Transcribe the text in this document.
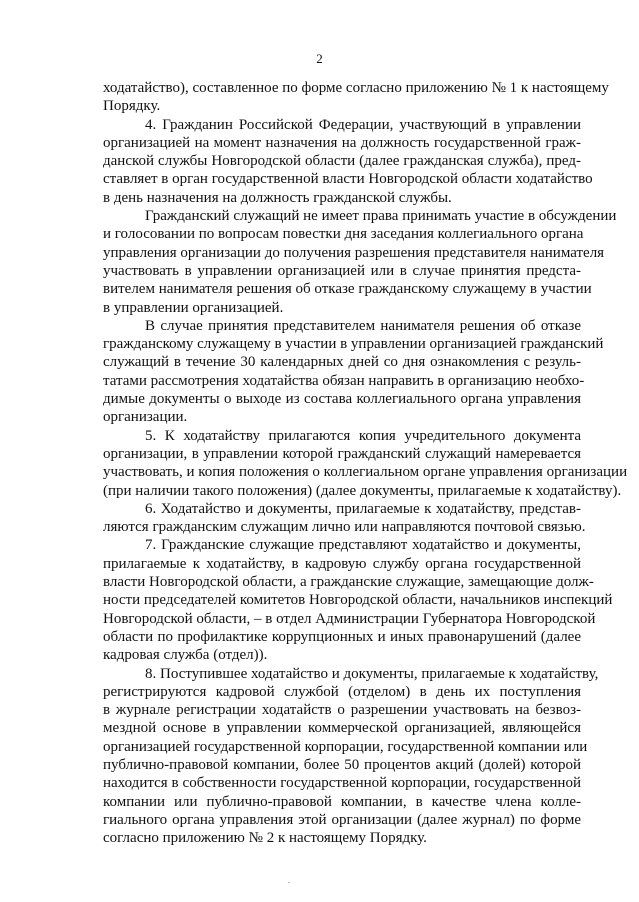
2
ходатайство), составленное по форме согласно приложению № 1 к настоящему
Порядку.
4. Гражданин Российской Федерации, участвующий в управлении
организацией на момент назначения на должность государственной граж-
данской службы Новгородской области (далее гражданская служба), пред-
ставляет в орган государственной власти Новгородской области ходатайство
в день назначения на должность гражданской службы.
Гражданский служащий не имеет права принимать участие в обсуждении
и голосовании по вопросам повестки дня заседания коллегиального органа
управления организации до получения разрешения представителя нанимателя
участвовать в управлении организацией или в случае принятия предста-
вителем нанимателя решения об отказе гражданскому служащему в участии
в управлении организацией.
В случае принятия представителем нанимателя решения об отказе
гражданскому служащему в участии в управлении организацией гражданский
служащий в течение 30 календарных дней со дня ознакомления с резуль-
татами рассмотрения ходатайства обязан направить в организацию необхо-
димые документы о выходе из состава коллегиального органа управления
организации.
5. К ходатайству прилагаются копия учредительного документа
организации, в управлении которой гражданский служащий намеревается
участвовать, и копия положения о коллегиальном органе управления организации
(при наличии такого положения) (далее документы, прилагаемые к ходатайству).
6. Ходатайство и документы, прилагаемые к ходатайству, представ-
ляются гражданским служащим лично или направляются почтовой связью.
7. Гражданские служащие представляют ходатайство и документы,
прилагаемые к ходатайству, в кадровую службу органа государственной
власти Новгородской области, а гражданские служащие, замещающие долж-
ности председателей комитетов Новгородской области, начальников инспекций
Новгородской области, – в отдел Администрации Губернатора Новгородской
области по профилактике коррупционных и иных правонарушений (далее
кадровая служба (отдел)).
8. Поступившее ходатайство и документы, прилагаемые к ходатайству,
регистрируются кадровой службой (отделом) в день их поступления
в журнале регистрации ходатайств о разрешении участвовать на безвоз-
мездной основе в управлении коммерческой организацией, являющейся
организацией государственной корпорации, государственной компании или
публично-правовой компании, более 50 процентов акций (долей) которой
находится в собственности государственной корпорации, государственной
компании или публично-правовой компании, в качестве члена колле-
гиального органа управления этой организации (далее журнал) по форме
согласно приложению № 2 к настоящему Порядку.
